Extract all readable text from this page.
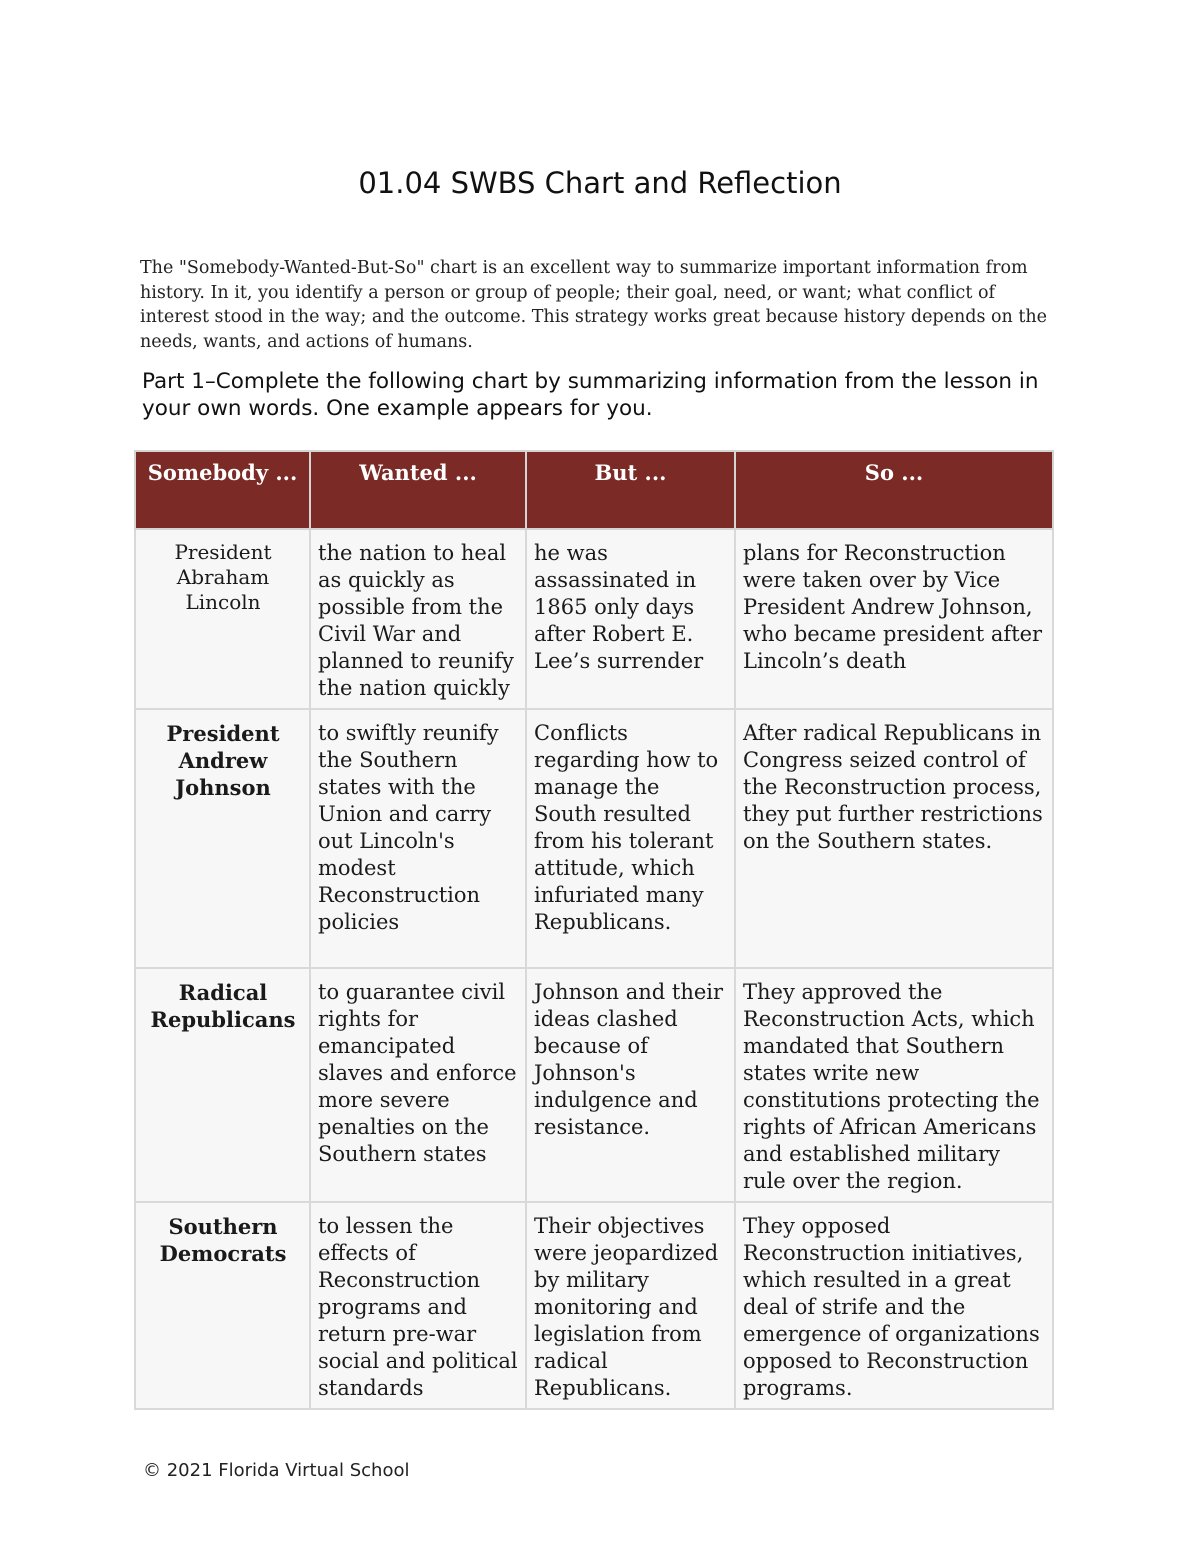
01.04 SWBS Chart and Reflection
The "Somebody-Wanted-But-So" chart is an excellent way to summarize important information from history. In it, you identify a person or group of people; their goal, need, or want; what conflict of interest stood in the way; and the outcome. This strategy works great because history depends on the needs, wants, and actions of humans.
Part 1–Complete the following chart by summarizing information from the lesson in your own words. One example appears for you.
Somebody ...	Wanted ...	But ...	So ...
President Abraham Lincoln	the nation to heal as quickly as possible from the Civil War and planned to reunify the nation quickly	he was assassinated in 1865 only days after Robert E. Lee’s surrender	plans for Reconstruction were taken over by Vice President Andrew Johnson, who became president after Lincoln’s death
President Andrew Johnson	to swiftly reunify the Southern states with the Union and carry out Lincoln's modest Reconstruction policies	Conflicts regarding how to manage the South resulted from his tolerant attitude, which infuriated many Republicans.	After radical Republicans in Congress seized control of the Reconstruction process, they put further restrictions on the Southern states.
Radical Republicans	to guarantee civil rights for emancipated slaves and enforce more severe penalties on the Southern states	Johnson and their ideas clashed because of Johnson's indulgence and resistance.	They approved the Reconstruction Acts, which mandated that Southern states write new constitutions protecting the rights of African Americans and established military rule over the region.
Southern Democrats	to lessen the effects of Reconstruction programs and return pre-war social and political standards	Their objectives were jeopardized by military monitoring and legislation from radical Republicans.	They opposed Reconstruction initiatives, which resulted in a great deal of strife and the emergence of organizations opposed to Reconstruction programs.
© 2021 Florida Virtual School
